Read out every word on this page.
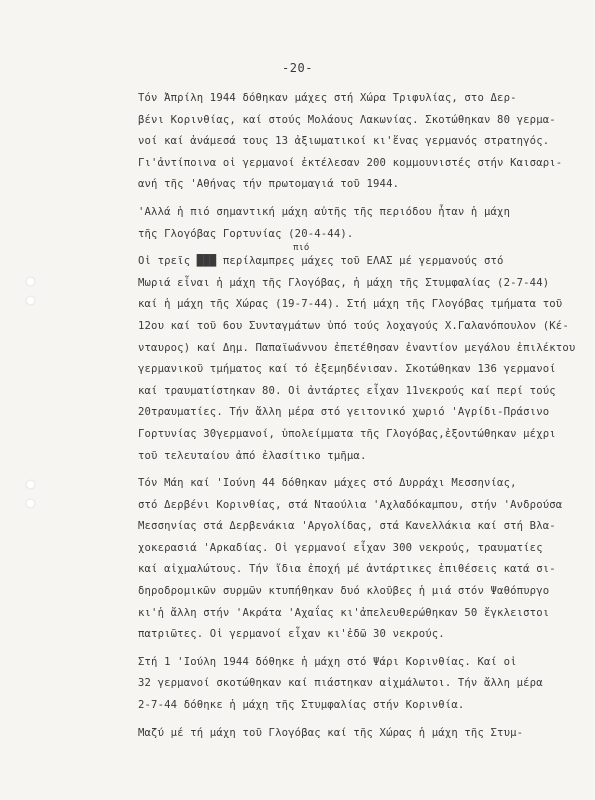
-20-
Τόν Ἀπρίλη 1944 δόθηκαν μάχες στή Χώρα Τριφυλίας, στο Δερ-
βένι Κορινθίας, καί στούς Μολάους Λακωνίας. Σκοτώθηκαν 80 γερμα-
νοί καί ἀνάμεσά τους 13 ἀξιωματικοί κι'ἕνας γερμανός στρατηγός.
Γι'ἀντίποινα οἱ γερμανοί ἐκτέλεσαν 200 κομμουνιστές στήν Καισαρι-
ανή τῆς 'Αθήνας τήν πρωτομαγιά τοῦ 1944.
'Αλλά ἡ πιό σημαντική μάχη αὐτῆς τῆς περιόδου ἦταν ἡ μάχη
τῆς Γλογόβας Γορτυνίας (20-4-44).
Οἱ τρεῖς ███ περίλαμπρες μάχες τοῦ ΕΛΑΣ μέ γερμανούς στό
Μωριά εἶναι ἡ μάχη τῆς Γλογόβας, ἡ μάχη τῆς Στυμφαλίας (2-7-44)
καί ἡ μάχη τῆς Χώρας (19-7-44). Στή μάχη τῆς Γλογόβας τμήματα τοῦ
12ου καί τοῦ 6ου Συνταγμάτων ὑπό τούς λοχαγούς Χ.Γαλανόπουλον (Κέ-
νταυρος) καί Δημ. Παπαϊωάννου ἐπετέθησαν ἐναντίον μεγάλου ἐπιλέκτου
γερμανικοῦ τμήματος καί τό ἐξεμηδένισαν. Σκοτώθηκαν 136 γερμανοί
καί τραυματίστηκαν 80. Οἱ ἀντάρτες εἶχαν 11νεκρούς καί περί τούς
20τραυματίες. Τήν ἄλλη μέρα στό γειτονικό χωριό 'Αγρίδι-Πράσινο
Γορτυνίας 30γερμανοί, ὑπολείμματα τῆς Γλογόβας,ἐξοντώθηκαν μέχρι
τοῦ τελευταίου ἀπό ἐλασίτικο τμῆμα.
Τόν Μάη καί 'Ιούνη 44 δόθηκαν μάχες στό Δυρράχι Μεσσηνίας,
στό Δερβένι Κορινθίας, στά Νταούλια 'Αχλαδόκαμπου, στήν 'Ανδρούσα
Μεσσηνίας στά Δερβενάκια 'Αργολίδας, στά Κανελλάκια καί στή Βλα-
χοκερασιά 'Αρκαδίας. Οἱ γερμανοί εἶχαν 300 νεκρούς, τραυματίες
καί αἰχμαλώτους. Τήν ἴδια ἐποχή μέ ἀντάρτικες ἐπιθέσεις κατά σι-
δηροδρομικῶν συρμῶν κτυπήθηκαν δυό κλοῦβες ἡ μιά στόν Ψαθόπυργο
κι'ἡ ἄλλη στήν 'Ακράτα 'Αχαΐας κι'ἀπελευθερώθηκαν 50 ἔγκλειστοι
πατριῶτες. Οἱ γερμανοί εἶχαν κι'ἐδῶ 30 νεκρούς.
Στή 1 'Ιούλη 1944 δόθηκε ἡ μάχη στό Ψάρι Κορινθίας. Καί οἱ
32 γερμανοί σκοτώθηκαν καί πιάστηκαν αἰχμάλωτοι. Τήν ἄλλη μέρα
2-7-44 δόθηκε ἡ μάχη τῆς Στυμφαλίας στήν Κορινθία.
Μαζύ μέ τή μάχη τοῦ Γλογόβας καί τῆς Χώρας ἡ μάχη τῆς Στυμ-
πιό
